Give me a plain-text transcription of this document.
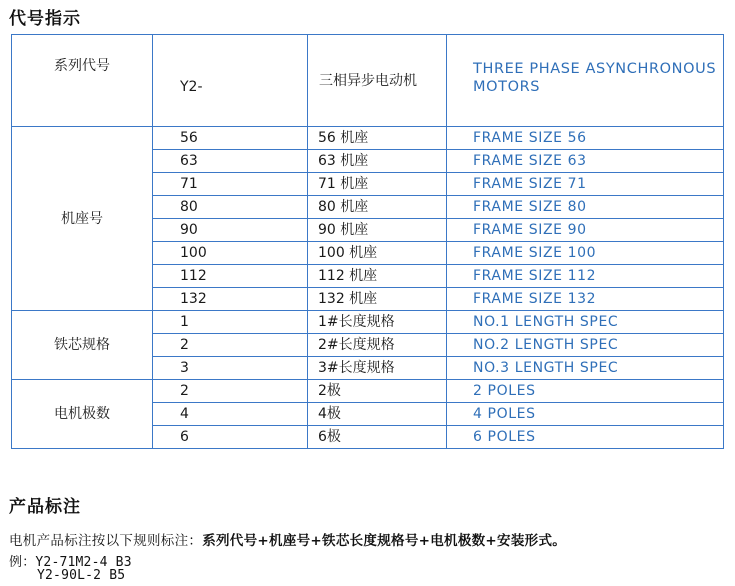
代号指示
系列代号	Y2-	三相异步电动机	THREE PHASE ASYNCHRONOUS MOTORS
机座号	56	56 机座	FRAME SIZE 56
	63	63 机座	FRAME SIZE 63
	71	71 机座	FRAME SIZE 71
	80	80 机座	FRAME SIZE 80
	90	90 机座	FRAME SIZE 90
	100	100 机座	FRAME SIZE 100
	112	112 机座	FRAME SIZE 112
	132	132 机座	FRAME SIZE 132
铁芯规格	1	1#长度规格	NO.1 LENGTH SPEC
	2	2#长度规格	NO.2 LENGTH SPEC
	3	3#长度规格	NO.3 LENGTH SPEC
电机极数	2	2极	2 POLES
	4	4极	4 POLES
	6	6极	6 POLES
产品标注
电机产品标注按以下规则标注：系列代号+机座号+铁芯长度规格号+电机极数+安装形式。
例：Y2-71M2-4 B3
Y2-90L-2 B5
